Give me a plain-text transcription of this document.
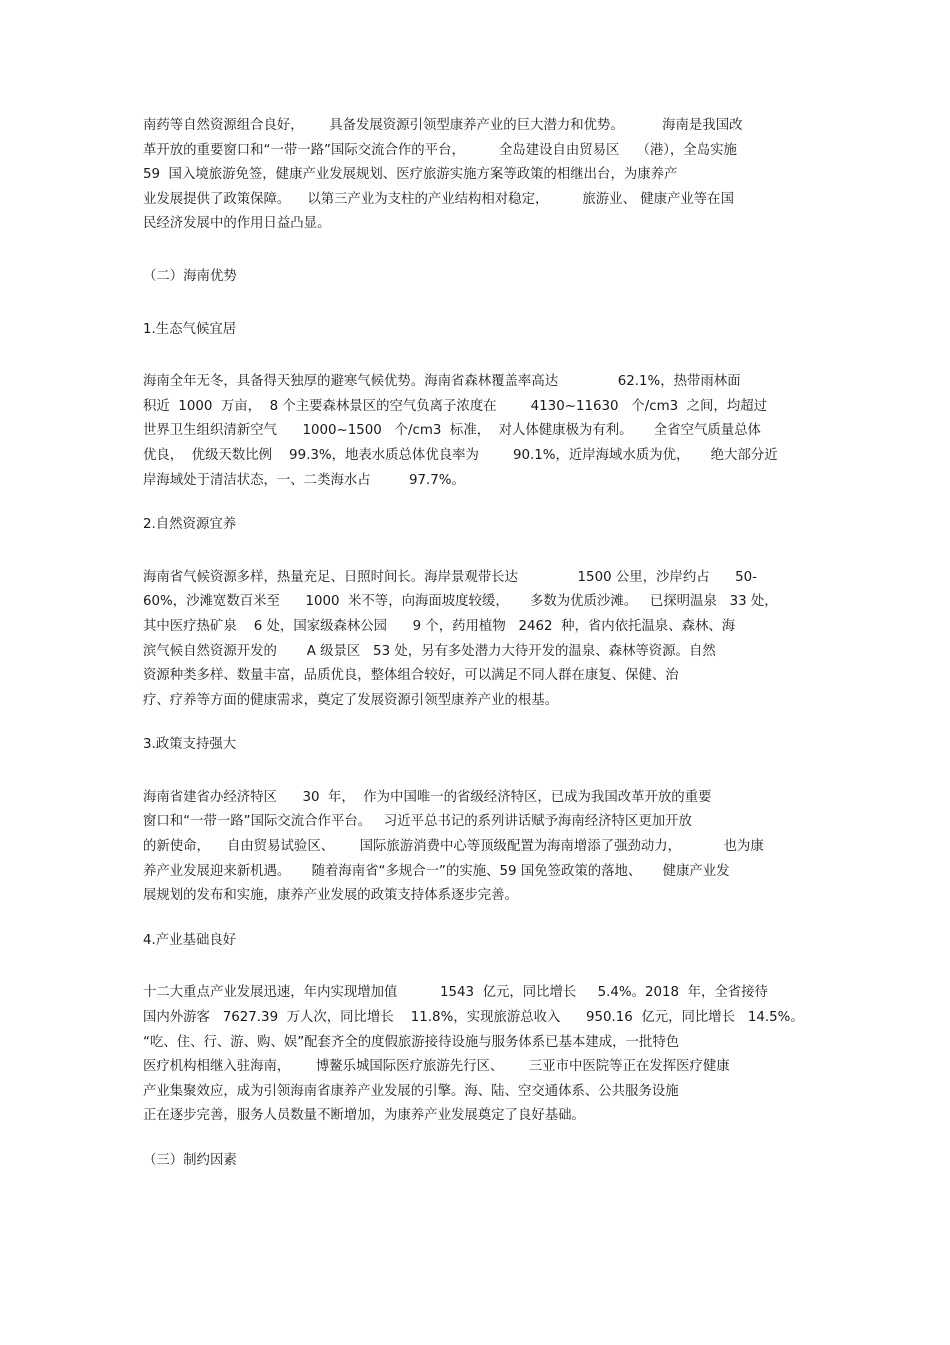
南药等自然资源组合良好，      具备发展资源引领型康养产业的巨大潜力和优势。         海南是我国改
革开放的重要窗口和“一带一路”国际交流合作的平台，        全岛建设自由贸易区    （港），全岛实施
59  国入境旅游免签，健康产业发展规划、医疗旅游实施方案等政策的相继出台，为康养产
业发展提供了政策保障。    以第三产业为支柱的产业结构相对稳定，        旅游业、 健康产业等在国
民经济发展中的作用日益凸显。

（二）海南优势

1.生态气候宜居

海南全年无冬，具备得天独厚的避寒气候优势。海南省森林覆盖率高达              62.1%，热带雨林面
积近  1000  万亩，  8 个主要森林景区的空气负离子浓度在        4130~11630   个/cm3  之间，均超过
世界卫生组织清新空气      1000~1500   个/cm3  标准，  对人体健康极为有利。     全省空气质量总体
优良，  优级天数比例    99.3%，地表水质总体优良率为        90.1%，近岸海域水质为优，     绝大部分近
岸海域处于清洁状态，一、二类海水占         97.7%。

2.自然资源宜养

海南省气候资源多样，热量充足、日照时间长。海岸景观带长达              1500 公里，沙岸约占      50-
60%，沙滩宽数百米至      1000  米不等，向海面坡度较缓，     多数为优质沙滩。   已探明温泉   33 处，
其中医疗热矿泉    6 处，国家级森林公园      9 个，药用植物   2462  种，省内依托温泉、森林、海
滨气候自然资源开发的       A 级景区   53 处，另有多处潜力大待开发的温泉、森林等资源。自然
资源种类多样、数量丰富，品质优良，整体组合较好，可以满足不同人群在康复、保健、治
疗、疗养等方面的健康需求，奠定了发展资源引领型康养产业的根基。

3.政策支持强大

海南省建省办经济特区      30  年，  作为中国唯一的省级经济特区，已成为我国改革开放的重要
窗口和“一带一路”国际交流合作平台。   习近平总书记的系列讲话赋予海南经济特区更加开放
的新使命，    自由贸易试验区、      国际旅游消费中心等顶级配置为海南增添了强劲动力，          也为康
养产业发展迎来新机遇。     随着海南省“多规合一”的实施、59 国免签政策的落地、     健康产业发
展规划的发布和实施，康养产业发展的政策支持体系逐步完善。

4.产业基础良好

十二大重点产业发展迅速，年内实现增加值          1543  亿元，同比增长     5.4%。2018  年，全省接待
国内外游客   7627.39  万人次，同比增长    11.8%，实现旅游总收入      950.16  亿元，同比增长   14.5%。
“吃、住、行、游、购、娱”配套齐全的度假旅游接待设施与服务体系已基本建成，一批特色
医疗机构相继入驻海南，      博鳌乐城国际医疗旅游先行区、      三亚市中医院等正在发挥医疗健康
产业集聚效应，成为引领海南省康养产业发展的引擎。海、陆、空交通体系、公共服务设施
正在逐步完善，服务人员数量不断增加，为康养产业发展奠定了良好基础。

（三）制约因素
